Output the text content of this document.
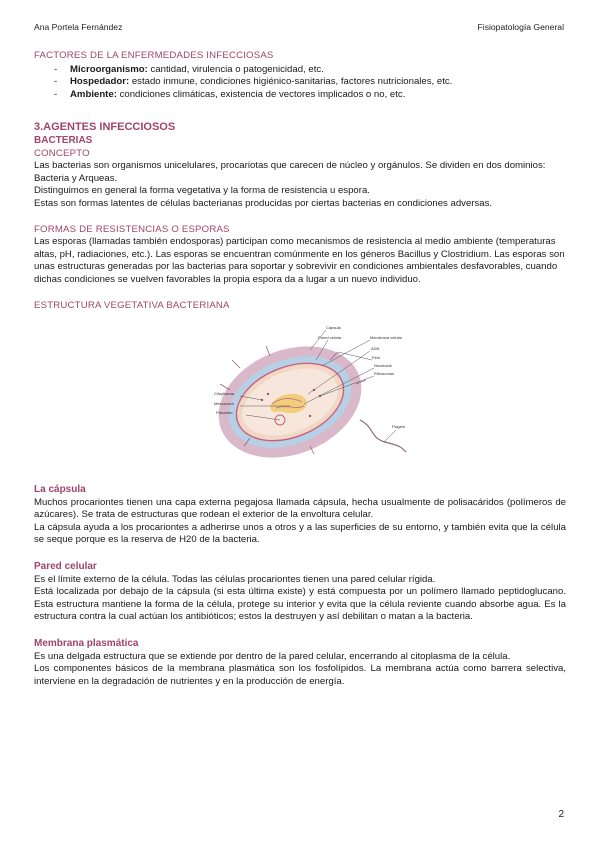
Ana Portela Fernández	Fisiopatología General
FACTORES DE LA ENFERMEDADES INFECCIOSAS
- Microorganismo: cantidad, virulencia o patogenicidad, etc.
- Hospedador: estado inmune, condiciones higiénico-sanitarias, factores nutricionales, etc.
- Ambiente: condiciones climáticas, existencia de vectores implicados o no, etc.
3.AGENTES INFECCIOSOS
BACTERIAS
CONCEPTO

Las bacterias son organismos unicelulares, procariotas que carecen de núcleo y orgánulos. Se dividen en dos dominios: Bacteria y Arqueas.

Distinguimos en general la forma vegetativa y la forma de resistencia u espora.

Estas son formas latentes de células bacterianas producidas por ciertas bacterias en condiciones adversas.

FORMAS DE RESISTENCIAS O ESPORAS

Las esporas (llamadas también endosporas) participan como mecanismos de resistencia al medio ambiente (temperaturas altas, pH, radiaciones, etc.). Las esporas se encuentran comúnmente en los géneros Bacillus y Clostridium. Las esporas son unas estructuras generadas por las bacterias para soportar y sobrevivir en condiciones ambientales desfavorables, cuando dichas condiciones se vuelven favorables la propia espora da a lugar a un nuevo individuo.

ESTRUCTURA VEGETATIVA BACTERIANA
Cápsula
Pared celular	Membrana celular
ADN
Pelo
Nucleoide
Ribosomas
Citoplasma
Mesosoma
Plásmido
Flagelo
La cápsula

Muchos procariontes tienen una capa externa pegajosa llamada cápsula, hecha usualmente de polisacáridos (polímeros de azúcares). Se trata de estructuras que rodean el exterior de la envoltura celular.

La cápsula ayuda a los procariontes a adherirse unos a otros y a las superficies de su entorno, y también evita que la célula se seque porque es la reserva de H20 de la bacteria.

Pared celular

Es el límite externo de la célula. Todas las células procariontes tienen una pared celular rígida.

Está localizada por debajo de la cápsula (si esta última existe) y está compuesta por un polímero llamado peptidoglucano. Esta estructura mantiene la forma de la célula, protege su interior y evita que la célula reviente cuando absorbe agua. Es la estructura contra la cual actúan los antibióticos; estos la destruyen y así debilitan o matan a la bacteria.

Membrana plasmática

Es una delgada estructura que se extiende por dentro de la pared celular, encerrando al citoplasma de la célula.

Los componentes básicos de la membrana plasmática son los fosfolípidos. La membrana actúa como barrera selectiva, interviene en la degradación de nutrientes y en la producción de energía.

2
